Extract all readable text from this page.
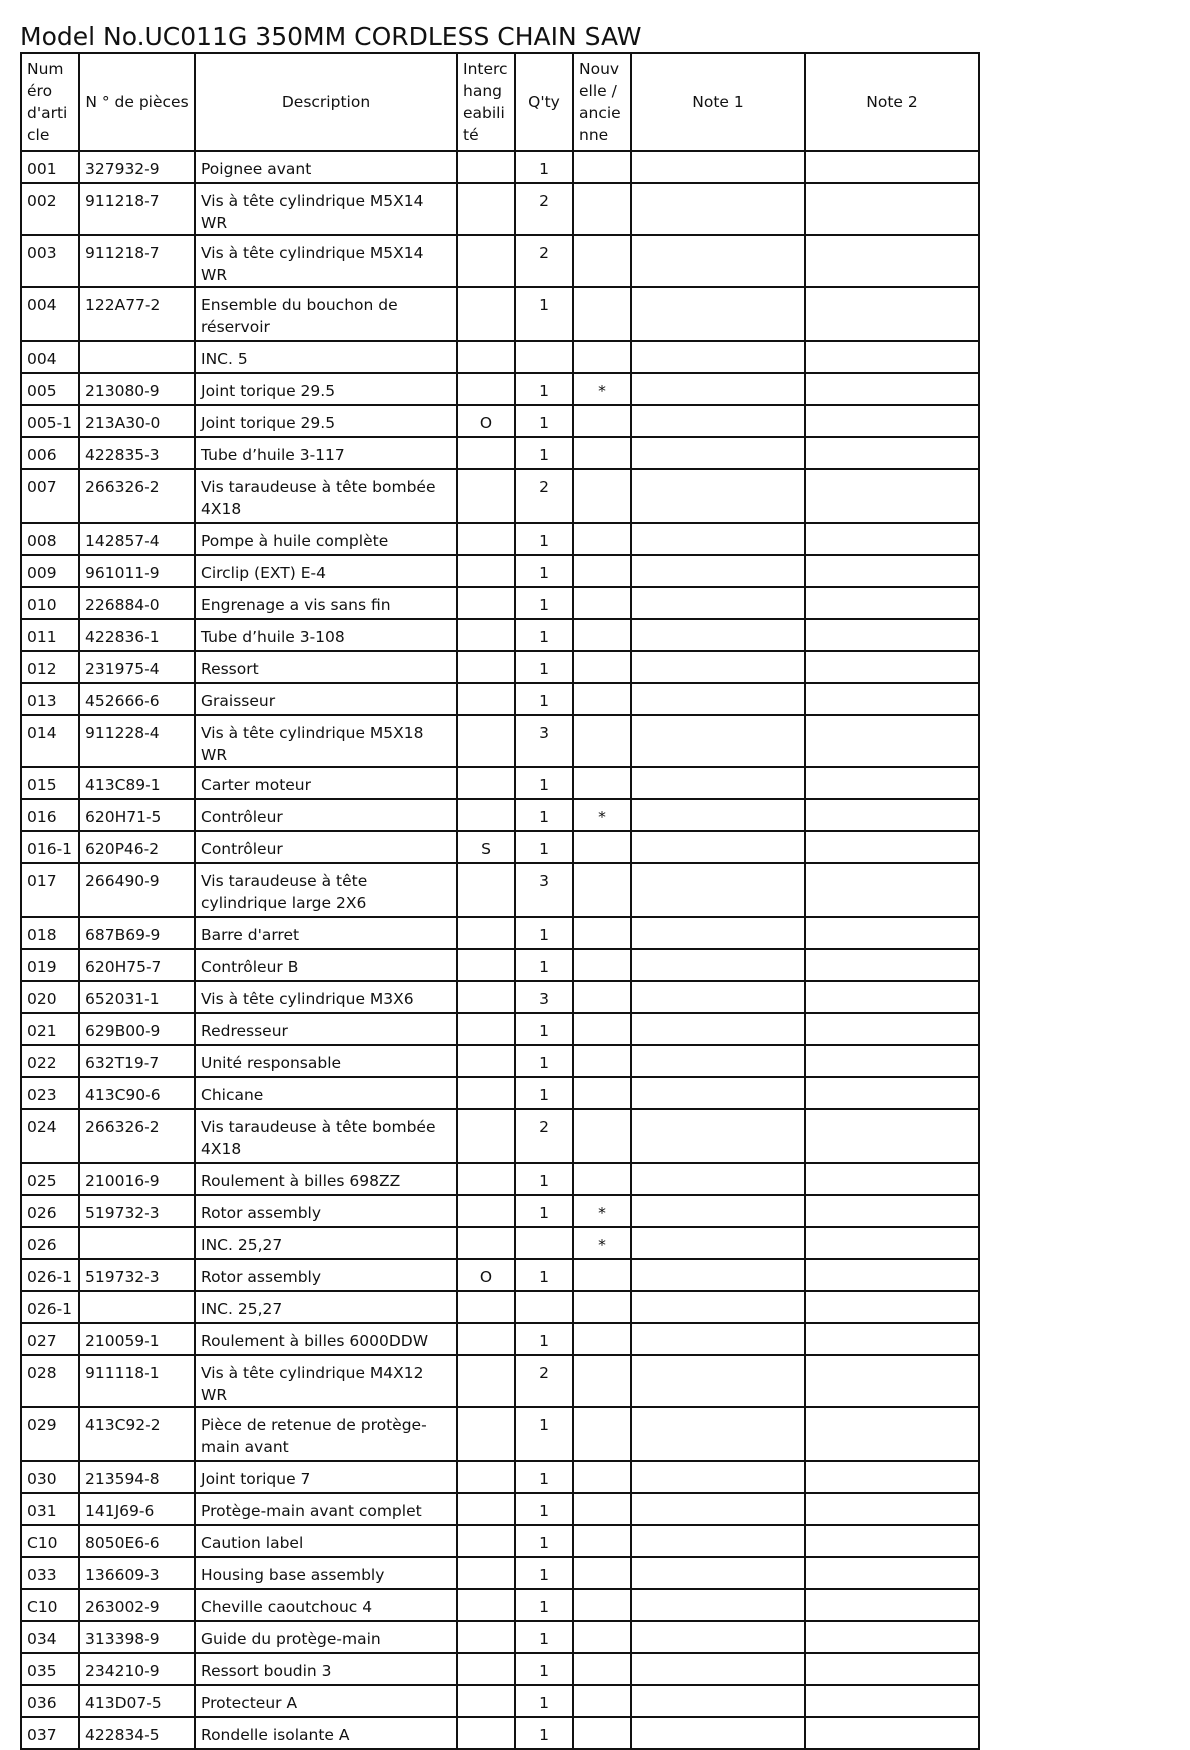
Model No.UC011G 350MM CORDLESS CHAIN SAW
Numéro d'article	N ° de pièces	Description	Interchangeabilité	Q'ty	Nouvelle / ancienne	Note 1	Note 2
001	327932-9	Poignee avant		1			
002	911218-7	Vis à tête cylindrique M5X14 WR		2			
003	911218-7	Vis à tête cylindrique M5X14 WR		2			
004	122A77-2	Ensemble du bouchon de réservoir		1			
004		INC. 5					
005	213080-9	Joint torique 29.5		1	*		
005-1	213A30-0	Joint torique 29.5	O	1			
006	422835-3	Tube d’huile 3-117		1			
007	266326-2	Vis taraudeuse à tête bombée 4X18		2			
008	142857-4	Pompe à huile complète		1			
009	961011-9	Circlip (EXT) E-4		1			
010	226884-0	Engrenage a vis sans fin		1			
011	422836-1	Tube d’huile 3-108		1			
012	231975-4	Ressort		1			
013	452666-6	Graisseur		1			
014	911228-4	Vis à tête cylindrique M5X18 WR		3			
015	413C89-1	Carter moteur		1			
016	620H71-5	Contrôleur		1	*		
016-1	620P46-2	Contrôleur	S	1			
017	266490-9	Vis taraudeuse à tête cylindrique large 2X6		3			
018	687B69-9	Barre d'arret		1			
019	620H75-7	Contrôleur B		1			
020	652031-1	Vis à tête cylindrique M3X6		3			
021	629B00-9	Redresseur		1			
022	632T19-7	Unité responsable		1			
023	413C90-6	Chicane		1			
024	266326-2	Vis taraudeuse à tête bombée 4X18		2			
025	210016-9	Roulement à billes 698ZZ		1			
026	519732-3	Rotor assembly		1	*		
026		INC. 25,27			*		
026-1	519732-3	Rotor assembly	O	1			
026-1		INC. 25,27					
027	210059-1	Roulement à billes 6000DDW		1			
028	911118-1	Vis à tête cylindrique M4X12 WR		2			
029	413C92-2	Pièce de retenue de protège-main avant		1			
030	213594-8	Joint torique 7		1			
031	141J69-6	Protège-main avant complet		1			
C10	8050E6-6	Caution label		1			
033	136609-3	Housing base assembly		1			
C10	263002-9	Cheville caoutchouc 4		1			
034	313398-9	Guide du protège-main		1			
035	234210-9	Ressort boudin 3		1			
036	413D07-5	Protecteur A		1			
037	422834-5	Rondelle isolante A		1			
